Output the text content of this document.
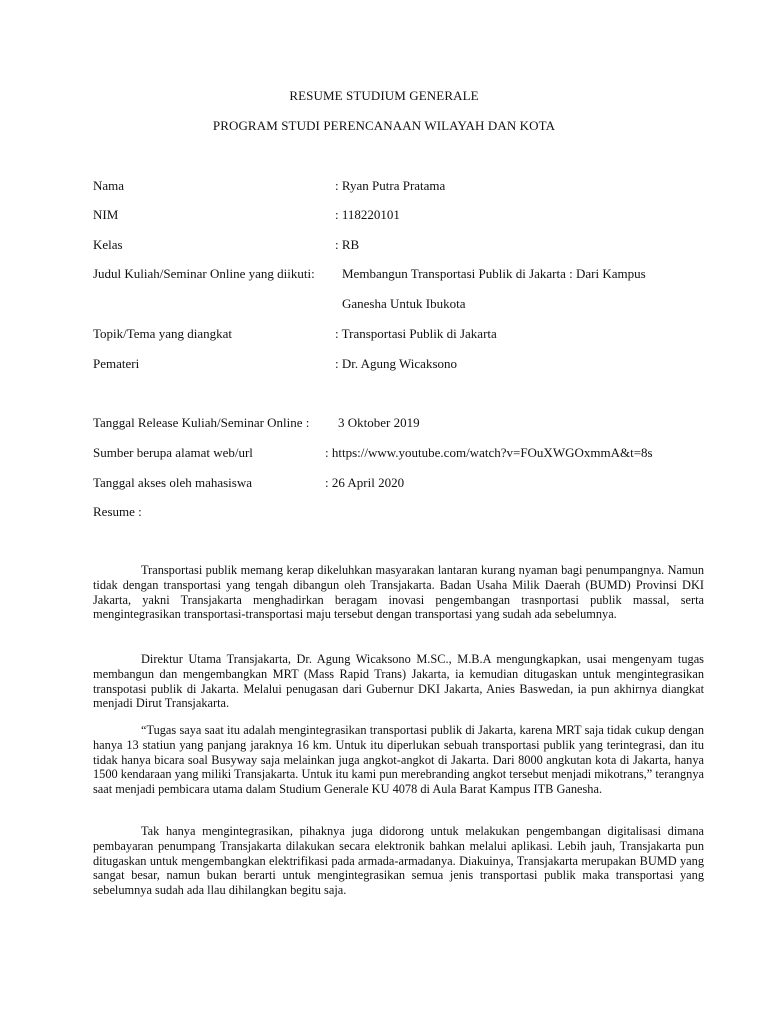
RESUME STUDIUM GENERALE
PROGRAM STUDI PERENCANAAN WILAYAH DAN KOTA
Nama	: Ryan Putra Pratama
NIM	: 118220101
Kelas	: RB
Judul Kuliah/Seminar Online yang diikuti: Membangun Transportasi Publik di Jakarta : Dari Kampus
Ganesha Untuk Ibukota
Topik/Tema yang diangkat	: Transportasi Publik di Jakarta
Pemateri	: Dr. Agung Wicaksono
Tanggal Release Kuliah/Seminar Online : 3 Oktober 2019
Sumber berupa alamat web/url	: https://www.youtube.com/watch?v=FOuXWGOxmmA&t=8s
Tanggal akses oleh mahasiswa	: 26 April 2020
Resume :

Transportasi publik memang kerap dikeluhkan masyarakan lantaran kurang nyaman bagi penumpangnya. Namun tidak dengan transportasi yang tengah dibangun oleh Transjakarta. Badan Usaha Milik Daerah (BUMD) Provinsi DKI Jakarta, yakni Transjakarta menghadirkan beragam inovasi pengembangan trasnportasi publik massal, serta mengintegrasikan transportasi-transportasi maju tersebut dengan transportasi yang sudah ada sebelumnya.

Direktur Utama Transjakarta, Dr. Agung Wicaksono M.SC., M.B.A mengungkapkan, usai mengenyam tugas membangun dan mengembangkan MRT (Mass Rapid Trans) Jakarta, ia kemudian ditugaskan untuk mengintegrasikan transpotasi publik di Jakarta. Melalui penugasan dari Gubernur DKI Jakarta, Anies Baswedan, ia pun akhirnya diangkat menjadi Dirut Transjakarta.

“Tugas saya saat itu adalah mengintegrasikan transportasi publik di Jakarta, karena MRT saja tidak cukup dengan hanya 13 statiun yang panjang jaraknya 16 km. Untuk itu diperlukan sebuah transportasi publik yang terintegrasi, dan itu tidak hanya bicara soal Busyway saja melainkan juga angkot-angkot di Jakarta. Dari 8000 angkutan kota di Jakarta, hanya 1500 kendaraan yang miliki Transjakarta. Untuk itu kami pun merebranding angkot tersebut menjadi mikotrans,” terangnya saat menjadi pembicara utama dalam Studium Generale KU 4078 di Aula Barat Kampus ITB Ganesha.

Tak hanya mengintegrasikan, pihaknya juga didorong untuk melakukan pengembangan digitalisasi dimana pembayaran penumpang Transjakarta dilakukan secara elektronik bahkan melalui aplikasi. Lebih jauh, Transjakarta pun ditugaskan untuk mengembangkan elektrifikasi pada armada-armadanya. Diakuinya, Transjakarta merupakan BUMD yang sangat besar, namun bukan berarti untuk mengintegrasikan semua jenis transportasi publik maka transportasi yang sebelumnya sudah ada llau dihilangkan begitu saja.
